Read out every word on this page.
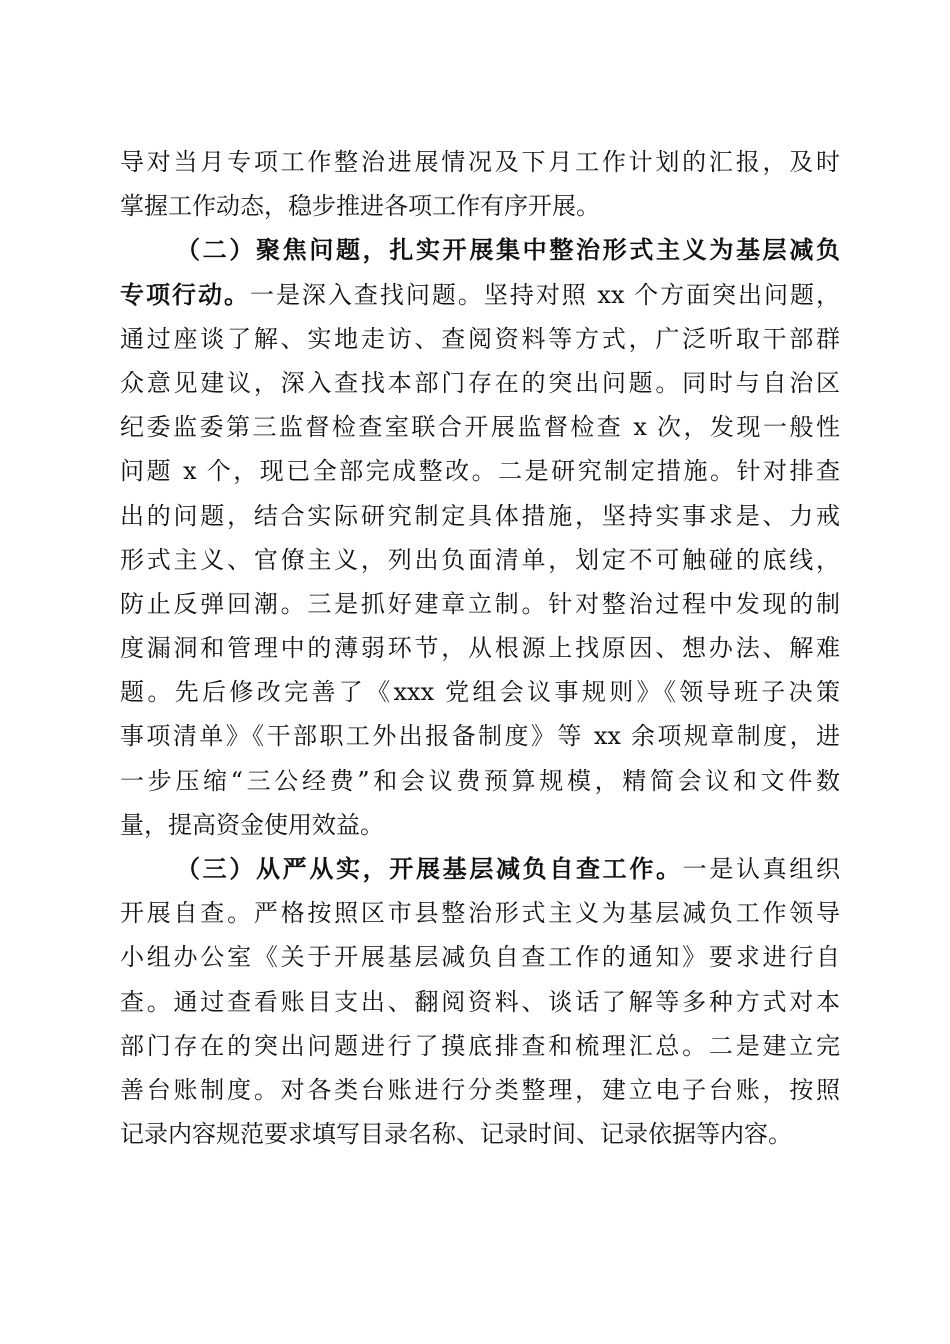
导对当月专项工作整治进展情况及下月工作计划的汇报，及时
掌握工作动态，稳步推进各项工作有序开展。
（二）聚焦问题，扎实开展集中整治形式主义为基层减负
专项行动。一是深入查找问题。坚持对照 xx 个方面突出问题，
通过座谈了解、实地走访、查阅资料等方式，广泛听取干部群
众意见建议，深入查找本部门存在的突出问题。同时与自治区
纪委监委第三监督检查室联合开展监督检查 x 次，发现一般性
问题 x 个，现已全部完成整改。二是研究制定措施。针对排查
出的问题，结合实际研究制定具体措施，坚持实事求是、力戒
形式主义、官僚主义，列出负面清单，划定不可触碰的底线，
防止反弹回潮。三是抓好建章立制。针对整治过程中发现的制
度漏洞和管理中的薄弱环节，从根源上找原因、想办法、解难
题。先后修改完善了《xxx 党组会议事规则》《领导班子决策
事项清单》《干部职工外出报备制度》等 xx 余项规章制度，进
一步压缩“三公经费”和会议费预算规模，精简会议和文件数
量，提高资金使用效益。
（三）从严从实，开展基层减负自查工作。一是认真组织
开展自查。严格按照区市县整治形式主义为基层减负工作领导
小组办公室《关于开展基层减负自查工作的通知》要求进行自
查。通过查看账目支出、翻阅资料、谈话了解等多种方式对本
部门存在的突出问题进行了摸底排查和梳理汇总。二是建立完
善台账制度。对各类台账进行分类整理，建立电子台账，按照
记录内容规范要求填写目录名称、记录时间、记录依据等内容。
